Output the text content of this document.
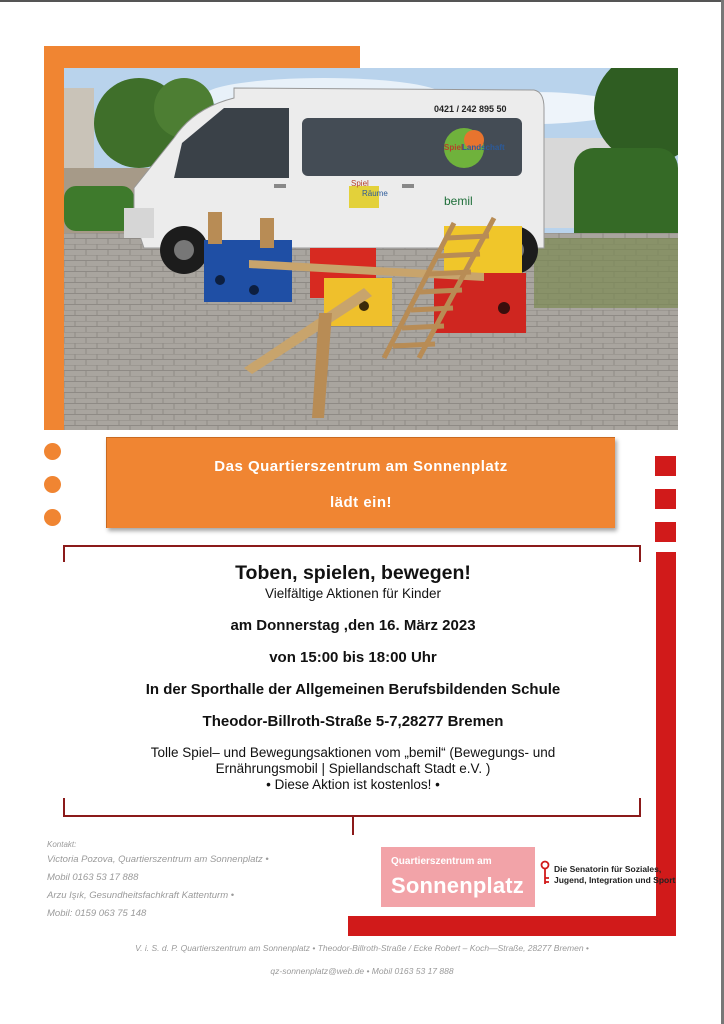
0421 / 242 895 50
Spiel
Landschaft
Spiel
Räume
bemil
Das Quartierszentrum am Sonnenplatz
lädt ein!
Toben, spielen, bewegen!
Vielfältige Aktionen für Kinder
am Donnerstag ,den 16. März 2023
von 15:00 bis 18:00 Uhr
In der Sporthalle der Allgemeinen Berufsbildenden Schule
Theodor-Billroth-Straße 5-7,28277 Bremen
Tolle Spiel– und Bewegungsaktionen vom „bemil“ (Bewegungs- und
Ernährungsmobil | Spiellandschaft Stadt e.V. )
• Diese Aktion ist kostenlos! •
Kontakt:
Victoria Pozova, Quartierszentrum am Sonnenplatz •
Mobil 0163 53 17 888
Arzu Işık, Gesundheitsfachkraft Kattenturm •
Mobil: 0159 063 75 148
Quartierszentrum am
Sonnenplatz
Die Senatorin für Soziales,
Jugend, Integration und Sport
V. i. S. d. P. Quartierszentrum am Sonnenplatz • Theodor-Billroth-Straße / Ecke Robert – Koch—Straße, 28277 Bremen •
qz-sonnenplatz@web.de • Mobil 0163 53 17 888
